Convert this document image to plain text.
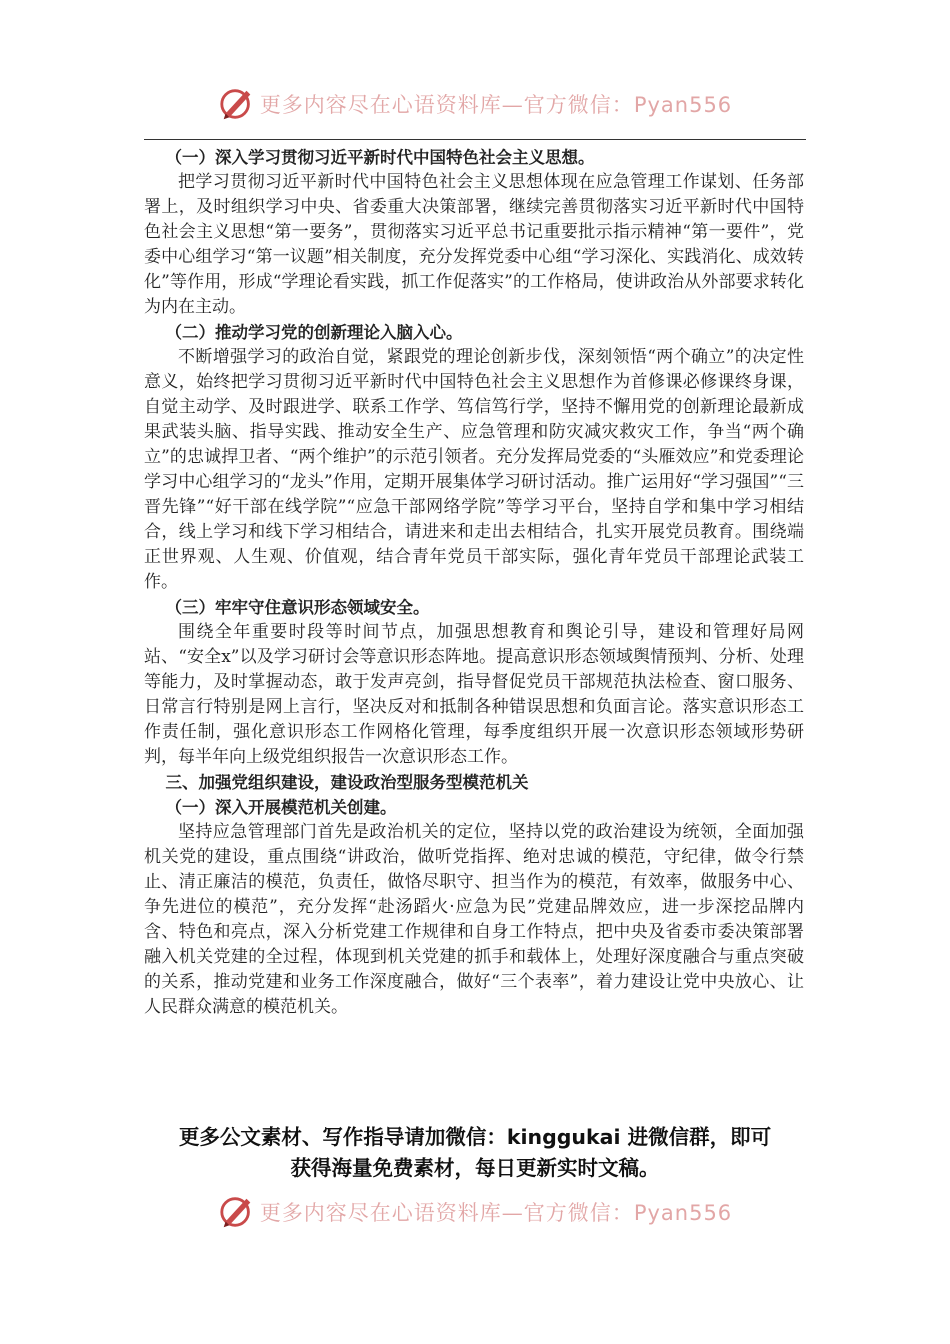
更多内容尽在心语资料库—官方微信：Pyan556

（一）深入学习贯彻习近平新时代中国特色社会主义思想。

把学习贯彻习近平新时代中国特色社会主义思想体现在应急管理工作谋划、任务部署上，及时组织学习中央、省委重大决策部署，继续完善贯彻落实习近平新时代中国特色社会主义思想“第一要务”，贯彻落实习近平总书记重要批示指示精神“第一要件”，党委中心组学习“第一议题”相关制度，充分发挥党委中心组“学习深化、实践消化、成效转化”等作用，形成“学理论看实践，抓工作促落实”的工作格局，使讲政治从外部要求转化为内在主动。

（二）推动学习党的创新理论入脑入心。

不断增强学习的政治自觉，紧跟党的理论创新步伐，深刻领悟“两个确立”的决定性意义，始终把学习贯彻习近平新时代中国特色社会主义思想作为首修课必修课终身课，自觉主动学、及时跟进学、联系工作学、笃信笃行学，坚持不懈用党的创新理论最新成果武装头脑、指导实践、推动安全生产、应急管理和防灾减灾救灾工作，争当“两个确立”的忠诚捍卫者、“两个维护”的示范引领者。充分发挥局党委的“头雁效应”和党委理论学习中心组学习的“龙头”作用，定期开展集体学习研讨活动。推广运用好“学习强国”“三晋先锋”“好干部在线学院”“应急干部网络学院”等学习平台，坚持自学和集中学习相结合，线上学习和线下学习相结合，请进来和走出去相结合，扎实开展党员教育。围绕端正世界观、人生观、价值观，结合青年党员干部实际，强化青年党员干部理论武装工作。

（三）牢牢守住意识形态领域安全。

围绕全年重要时段等时间节点，加强思想教育和舆论引导，建设和管理好局网站、“安全x”以及学习研讨会等意识形态阵地。提高意识形态领域舆情预判、分析、处理等能力，及时掌握动态，敢于发声亮剑，指导督促党员干部规范执法检查、窗口服务、日常言行特别是网上言行，坚决反对和抵制各种错误思想和负面言论。落实意识形态工作责任制，强化意识形态工作网格化管理，每季度组织开展一次意识形态领域形势研判，每半年向上级党组织报告一次意识形态工作。

三、加强党组织建设，建设政治型服务型模范机关

（一）深入开展模范机关创建。

坚持应急管理部门首先是政治机关的定位，坚持以党的政治建设为统领，全面加强机关党的建设，重点围绕“讲政治，做听党指挥、绝对忠诚的模范，守纪律，做令行禁止、清正廉洁的模范，负责任，做恪尽职守、担当作为的模范，有效率，做服务中心、争先进位的模范”，充分发挥“赴汤蹈火·应急为民”党建品牌效应，进一步深挖品牌内含、特色和亮点，深入分析党建工作规律和自身工作特点，把中央及省委市委决策部署融入机关党建的全过程，体现到机关党建的抓手和载体上，处理好深度融合与重点突破的关系，推动党建和业务工作深度融合，做好“三个表率”，着力建设让党中央放心、让人民群众满意的模范机关。

更多公文素材、写作指导请加微信：kinggukai 进微信群，即可
获得海量免费素材，每日更新实时文稿。
更多内容尽在心语资料库—官方微信：Pyan556
